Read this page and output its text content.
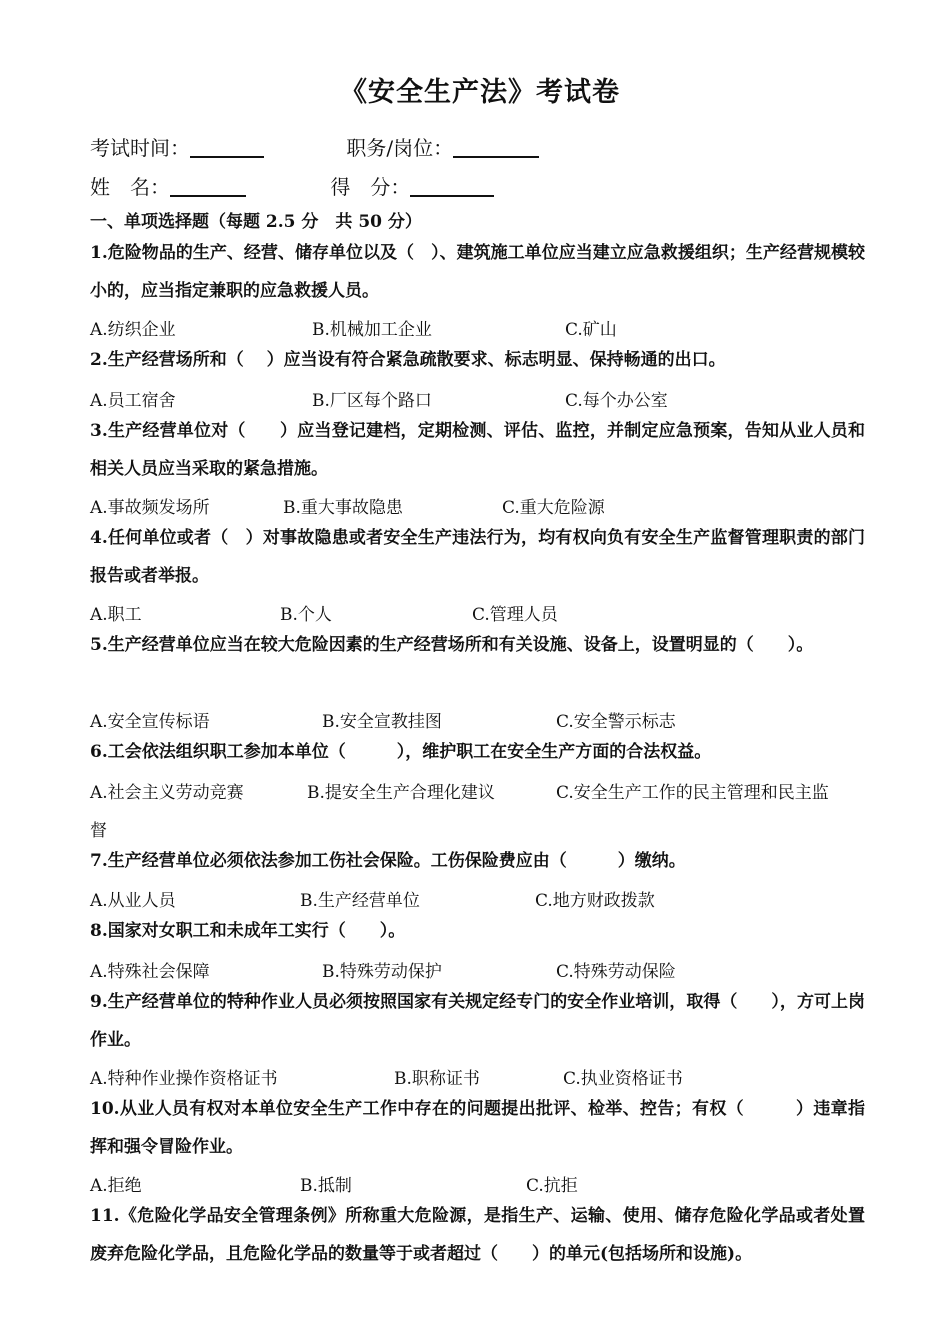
《安全生产法》考试卷
考试时间：	职务/岗位：
姓　名：	得　分：
一、单项选择题（每题 2.5 分　共 50 分）
1.危险物品的生产、经营、储存单位以及（　）、建筑施工单位应当建立应急救援组织；生产经营规模较小的，应当指定兼职的应急救援人员。
A.纺织企业	B.机械加工企业	C.矿山
2.生产经营场所和（　 ）应当设有符合紧急疏散要求、标志明显、保持畅通的出口。
A.员工宿舍	B.厂区每个路口	C.每个办公室
3.生产经营单位对（　　）应当登记建档，定期检测、评估、监控，并制定应急预案，告知从业人员和相关人员应当采取的紧急措施。
A.事故频发场所	B.重大事故隐患	C.重大危险源
4.任何单位或者（　）对事故隐患或者安全生产违法行为，均有权向负有安全生产监督管理职责的部门报告或者举报。
A.职工	B.个人	C.管理人员
5.生产经营单位应当在较大危险因素的生产经营场所和有关设施、设备上，设置明显的（　　）。
A.安全宣传标语	B.安全宣教挂图	C.安全警示标志
6.工会依法组织职工参加本单位（　　　），维护职工在安全生产方面的合法权益。
A.社会主义劳动竞赛	B.提安全生产合理化建议	C.安全生产工作的民主管理和民主监
督
7.生产经营单位必须依法参加工伤社会保险。工伤保险费应由（　　　）缴纳。
A.从业人员	B.生产经营单位	C.地方财政拨款
8.国家对女职工和未成年工实行（　　）。
A.特殊社会保障	B.特殊劳动保护	C.特殊劳动保险
9.生产经营单位的特种作业人员必须按照国家有关规定经专门的安全作业培训，取得（　　），方可上岗作业。
A.特种作业操作资格证书	B.职称证书	C.执业资格证书
10.从业人员有权对本单位安全生产工作中存在的问题提出批评、检举、控告；有权（　　　）违章指挥和强令冒险作业。
A.拒绝	B.抵制	C.抗拒
11.《危险化学品安全管理条例》所称重大危险源，是指生产、运输、使用、储存危险化学品或者处置废弃危险化学品，且危险化学品的数量等于或者超过（　　）的单元(包括场所和设施)。
